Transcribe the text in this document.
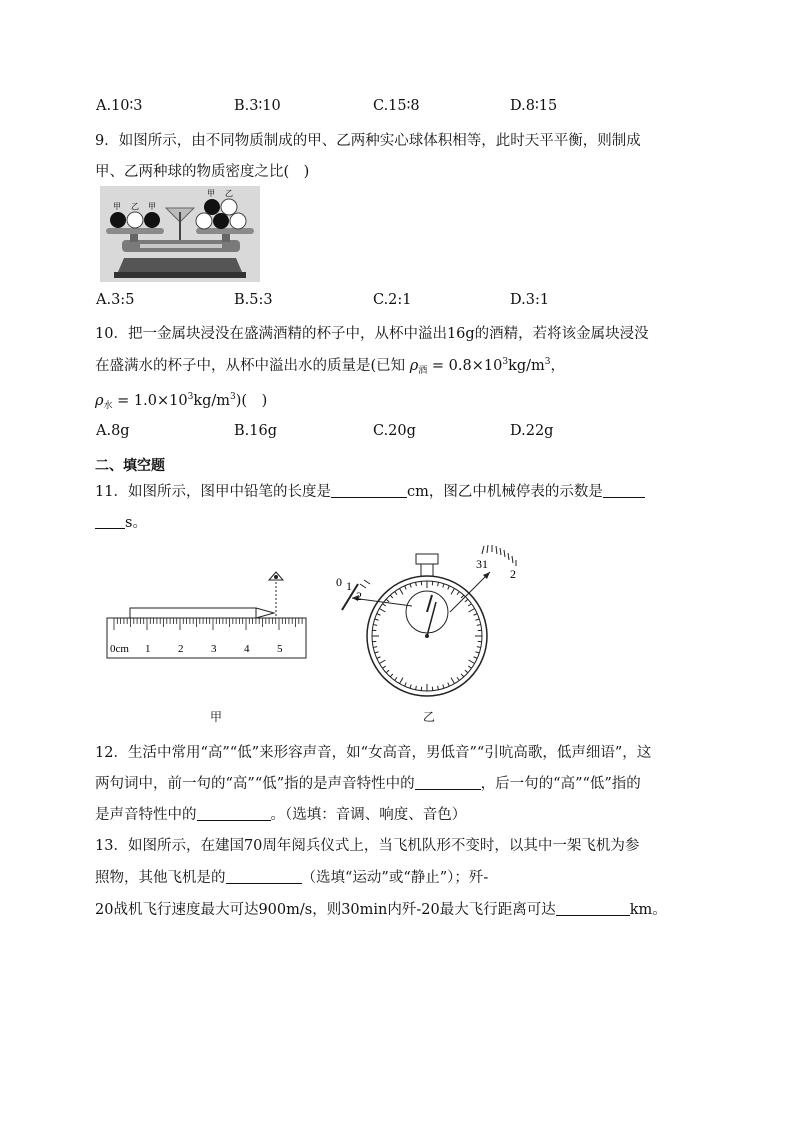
A.10∶3	B.3∶10	C.15∶8	D.8∶15
9．如图所示，由不同物质制成的甲、乙两种实心球体积相等，此时天平平衡，则制成
甲、乙两种球的物质密度之比(　)
甲 乙 甲
甲 乙
A.3:5	B.5:3	C.2:1	D.3:1
10．把一金属块浸没在盛满酒精的杯子中，从杯中溢出16g的酒精，若将该金属块浸没
在盛满水的杯子中，从杯中溢出水的质量是(已知 $\rho_酒 = 0.8\times 10^3kg/m^3$，
$\rho_水 = 1.0\times 10^3kg/m^3$)(　)
A.8g	B.16g	C.20g	D.22g
二、填空题
11．如图所示，图甲中铅笔的长度是	cm，图乙中机械停表的示数是
s。
0cm 1	2	3	4	5
0 1
2
31
2
甲	乙
12．生活中常用“高”“低”来形容声音，如“女高音，男低音”“引吭高歌，低声细语”，这
两句词中，前一句的“高”“低”指的是声音特性中的	，后一句的“高”“低”指的
是声音特性中的	。（选填：音调、响度、音色）
13．如图所示，在建国70周年阅兵仪式上，当飞机队形不变时，以其中一架飞机为参
照物，其他飞机是的	（选填“运动”或“静止”）；歼-
20战机飞行速度最大可达900m/s，则30min内歼-20最大飞行距离可达	km。
